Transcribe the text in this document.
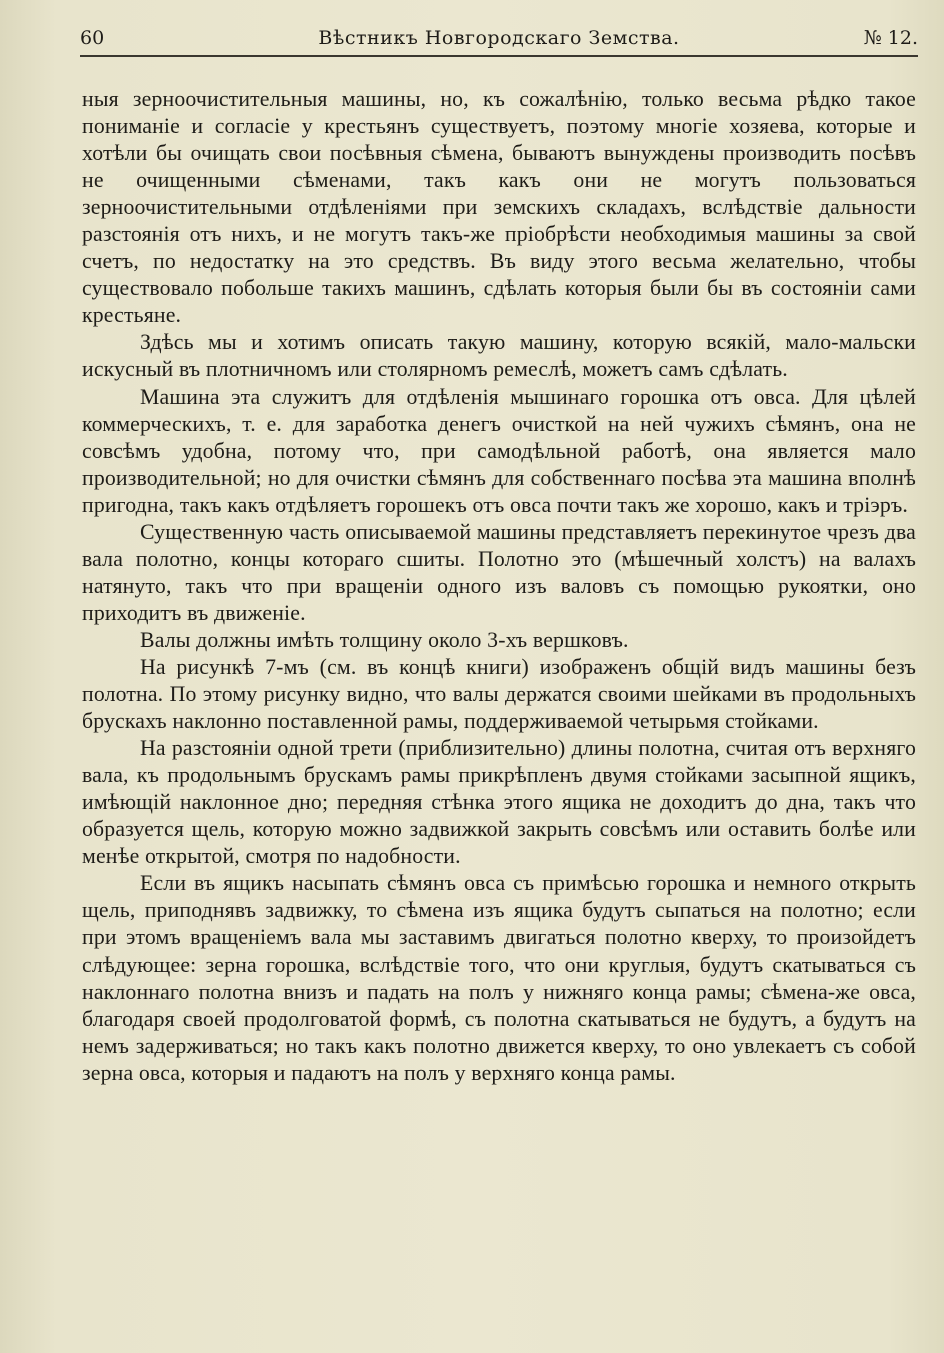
60	Вѣстникъ Новгородскаго Земства.	№ 12.

ныя зерноочистительныя машины, но, къ сожалѣнію, только весьма рѣдко такое пониманіе и согласіе у крестьянъ существуетъ, поэтому многіе хозяева, которые и хотѣли бы очищать свои посѣвныя сѣмена, бываютъ вынуждены производить посѣвъ не очищенными сѣменами, такъ какъ они не могутъ пользоваться зерноочистительными отдѣленіями при земскихъ складахъ, вслѣдствіе дальности разстоянія отъ нихъ, и не могутъ такъ-же пріобрѣсти необходимыя машины за свой счетъ, по недостатку на это средствъ. Въ виду этого весьма желательно, чтобы существовало побольше такихъ машинъ, сдѣлать которыя были бы въ состояніи сами крестьяне.

Здѣсь мы и хотимъ описать такую машину, которую всякій, мало-мальски искусный въ плотничномъ или столярномъ ремеслѣ, можетъ самъ сдѣлать.

Машина эта служитъ для отдѣленія мышинаго горошка отъ овса. Для цѣлей коммерческихъ, т. е. для заработка денегъ очисткой на ней чужихъ сѣмянъ, она не совсѣмъ удобна, потому что, при самодѣльной работѣ, она является мало производительной; но для очистки сѣмянъ для собственнаго посѣва эта машина вполнѣ пригодна, такъ какъ отдѣляетъ горошекъ отъ овса почти такъ же хорошо, какъ и тріэръ.

Существенную часть описываемой машины представляетъ перекинутое чрезъ два вала полотно, концы котораго сшиты. Полотно это (мѣшечный холстъ) на валахъ натянуто, такъ что при вращеніи одного изъ валовъ съ помощью рукоятки, оно приходитъ въ движеніе.

Валы должны имѣть толщину около 3-хъ вершковъ.

На рисункѣ 7-мъ (см. въ концѣ книги) изображенъ общій видъ машины безъ полотна. По этому рисунку видно, что валы держатся своими шейками въ продольныхъ брускахъ наклонно поставленной рамы, поддерживаемой четырьмя стойками.

На разстояніи одной трети (приблизительно) длины полотна, считая отъ верхняго вала, къ продольнымъ брускамъ рамы прикрѣпленъ двумя стойками засыпной ящикъ, имѣющій наклонное дно; передняя стѣнка этого ящика не доходитъ до дна, такъ что образуется щель, которую можно задвижкой закрыть совсѣмъ или оставить болѣе или менѣе открытой, смотря по надобности.

Если въ ящикъ насыпать сѣмянъ овса съ примѣсью горошка и немного открыть щель, приподнявъ задвижку, то сѣмена изъ ящика будутъ сыпаться на полотно; если при этомъ вращеніемъ вала мы заставимъ двигаться полотно кверху, то произойдетъ слѣдующее: зерна горошка, вслѣдствіе того, что они круглыя, будутъ скатываться съ наклоннаго полотна внизъ и падать на полъ у нижняго конца рамы; сѣмена-же овса, благодаря своей продолговатой формѣ, съ полотна скатываться не будутъ, а будутъ на немъ задерживаться; но такъ какъ полотно движется кверху, то оно увлекаетъ съ собой зерна овса, которыя и падаютъ на полъ у верхняго конца рамы.
